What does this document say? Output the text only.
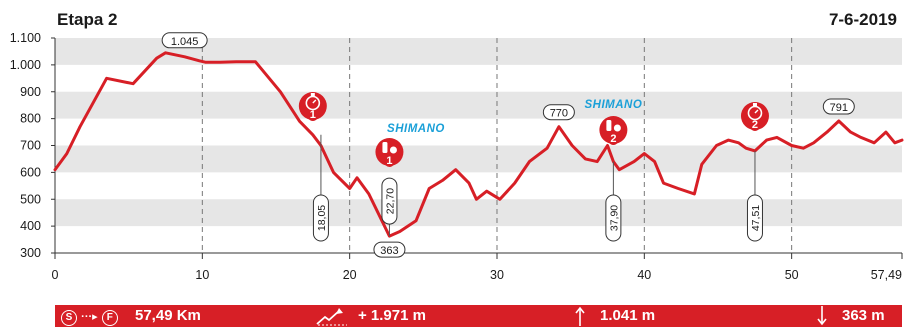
Etapa 2	7-6-2019
300
400
500
600
700
800
900
1.000
1.100
0	10	20	30	40	50	57,49
1.045
363
770	791
18,05
22,70
37,90	47,51
1
2
1
2
SHIMANO
SHIMANO
S ···▸ F	57,49 Km	+ 1.971 m	1.041 m	363 m
